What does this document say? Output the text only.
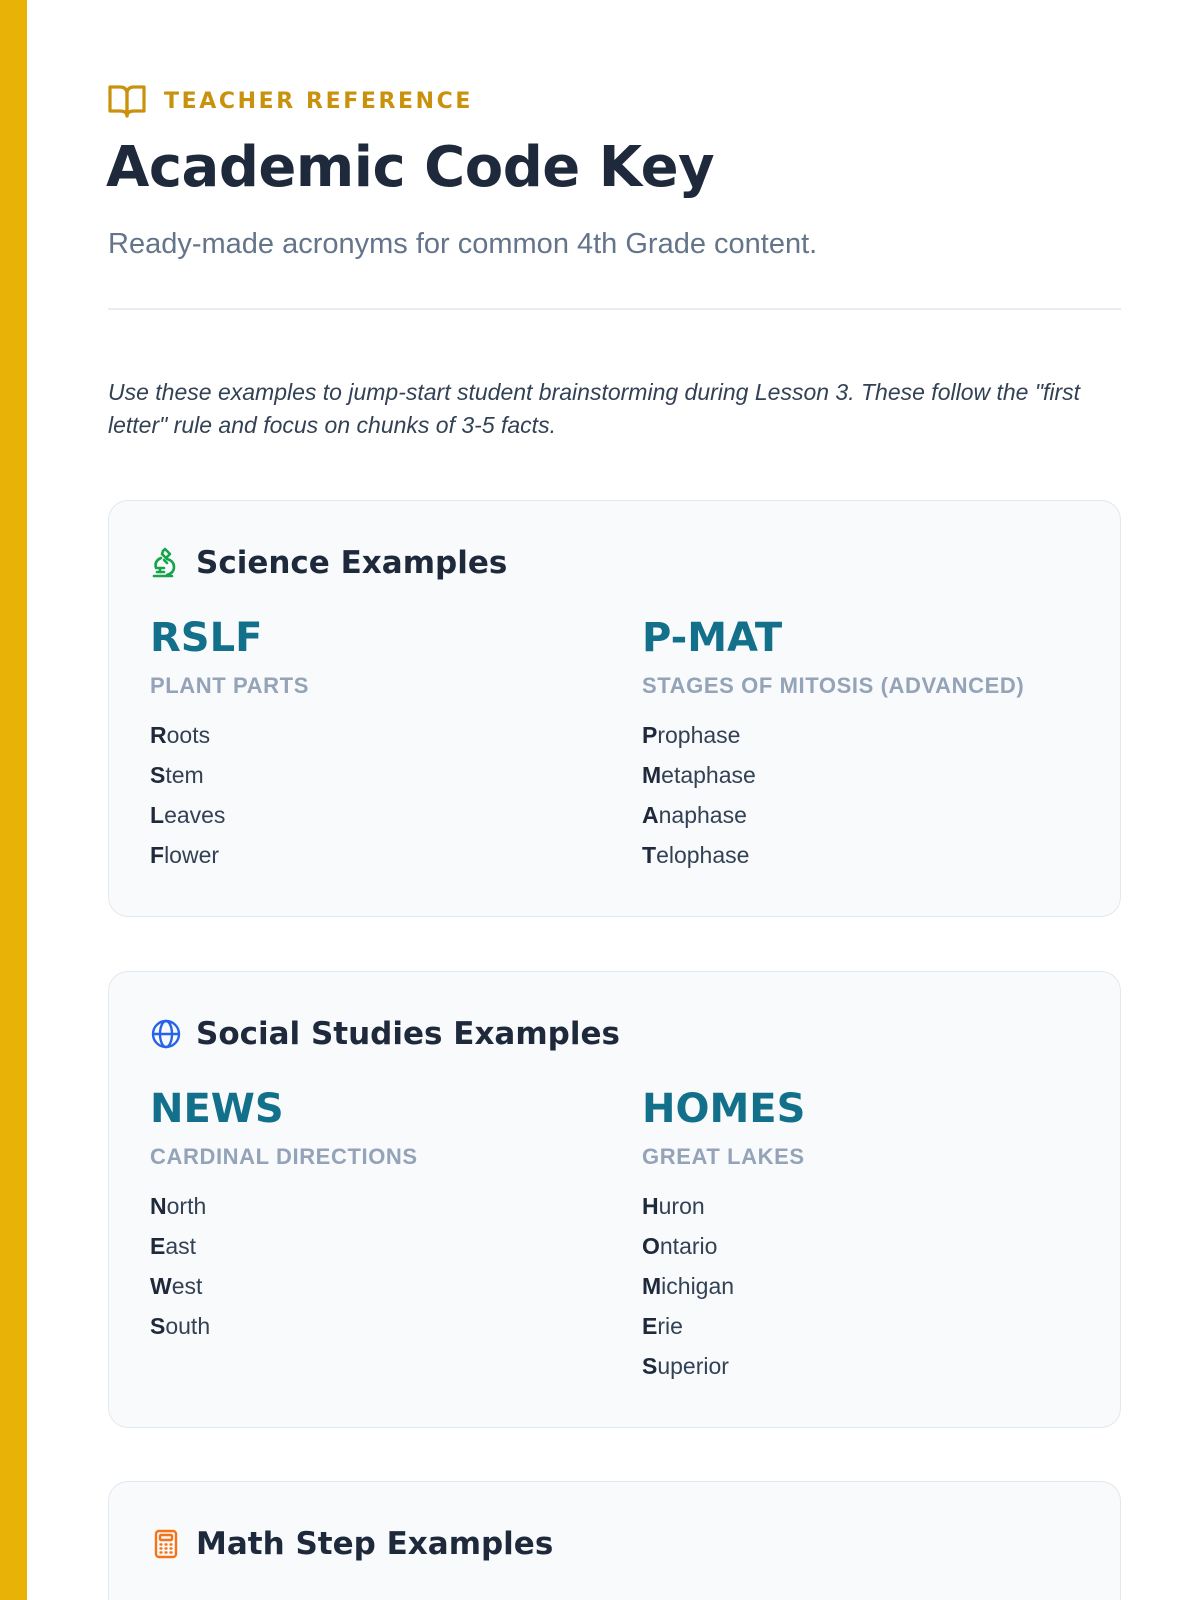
TEACHER REFERENCE
Academic Code Key

Ready-made acronyms for common 4th Grade content.

Use these examples to jump-start student brainstorming during Lesson 3. These follow the "first letter" rule and focus on chunks of 3-5 facts.

Science Examples
RSLF
PLANT PARTS
Roots
Stem
Leaves
Flower
P-MAT
STAGES OF MITOSIS (ADVANCED)
Prophase
Metaphase
Anaphase
Telophase
Social Studies Examples
NEWS
CARDINAL DIRECTIONS
North
East
West
South
HOMES
GREAT LAKES
Huron
Ontario
Michigan
Erie
Superior
Math Step Examples
